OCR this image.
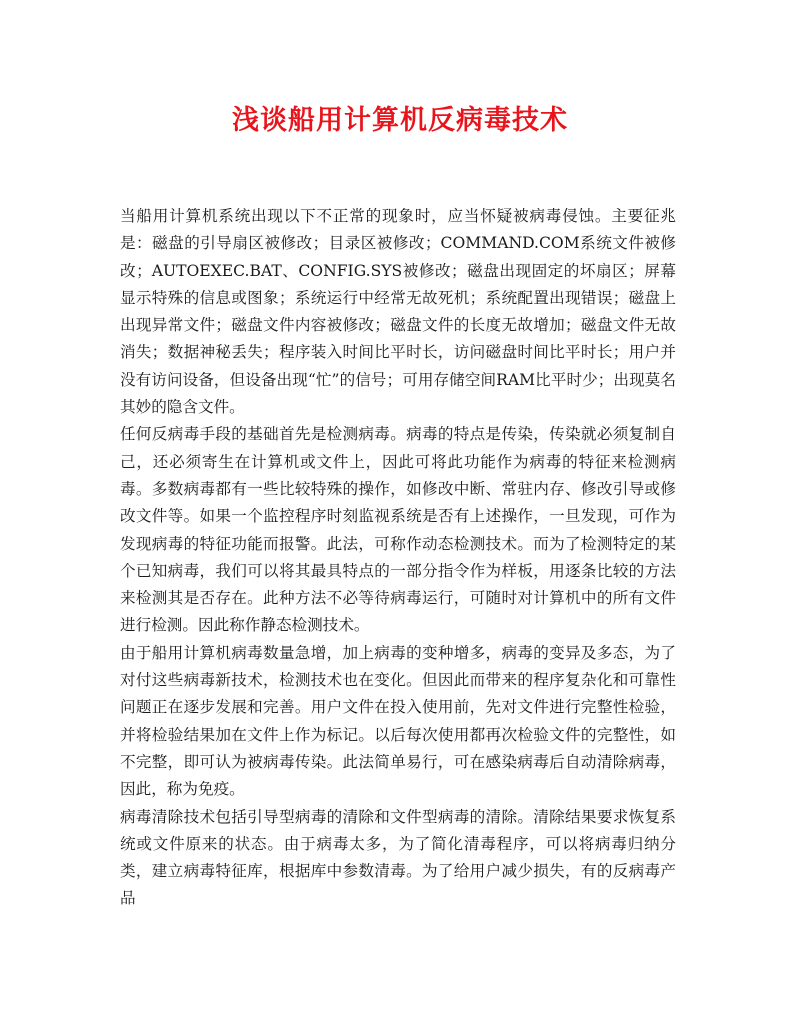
浅谈船用计算机反病毒技术

当船用计算机系统出现以下不正常的现象时，应当怀疑被病毒侵蚀。主要征兆是：磁盘的引导扇区被修改；目录区被修改；COMMAND.COM系统文件被修改；AUTOEXEC.BAT、CONFIG.SYS被修改；磁盘出现固定的坏扇区；屏幕显示特殊的信息或图象；系统运行中经常无故死机；系统配置出现错误；磁盘上出现异常文件；磁盘文件内容被修改；磁盘文件的长度无故增加；磁盘文件无故消失；数据神秘丢失；程序装入时间比平时长，访问磁盘时间比平时长；用户并没有访问设备，但设备出现“忙”的信号；可用存储空间RAM比平时少；出现莫名其妙的隐含文件。

任何反病毒手段的基础首先是检测病毒。病毒的特点是传染，传染就必须复制自己，还必须寄生在计算机或文件上，因此可将此功能作为病毒的特征来检测病毒。多数病毒都有一些比较特殊的操作，如修改中断、常驻内存、修改引导或修改文件等。如果一个监控程序时刻监视系统是否有上述操作，一旦发现，可作为发现病毒的特征功能而报警。此法，可称作动态检测技术。而为了检测特定的某个已知病毒，我们可以将其最具特点的一部分指令作为样板，用逐条比较的方法来检测其是否存在。此种方法不必等待病毒运行，可随时对计算机中的所有文件进行检测。因此称作静态检测技术。

由于船用计算机病毒数量急增，加上病毒的变种增多，病毒的变异及多态，为了对付这些病毒新技术，检测技术也在变化。但因此而带来的程序复杂化和可靠性问题正在逐步发展和完善。用户文件在投入使用前，先对文件进行完整性检验，并将检验结果加在文件上作为标记。以后每次使用都再次检验文件的完整性，如不完整，即可认为被病毒传染。此法简单易行，可在感染病毒后自动清除病毒，因此，称为免疫。

病毒清除技术包括引导型病毒的清除和文件型病毒的清除。清除结果要求恢复系统或文件原来的状态。由于病毒太多，为了简化清毒程序，可以将病毒归纳分类，建立病毒特征库，根据库中参数清毒。为了给用户减少损失，有的反病毒产品
